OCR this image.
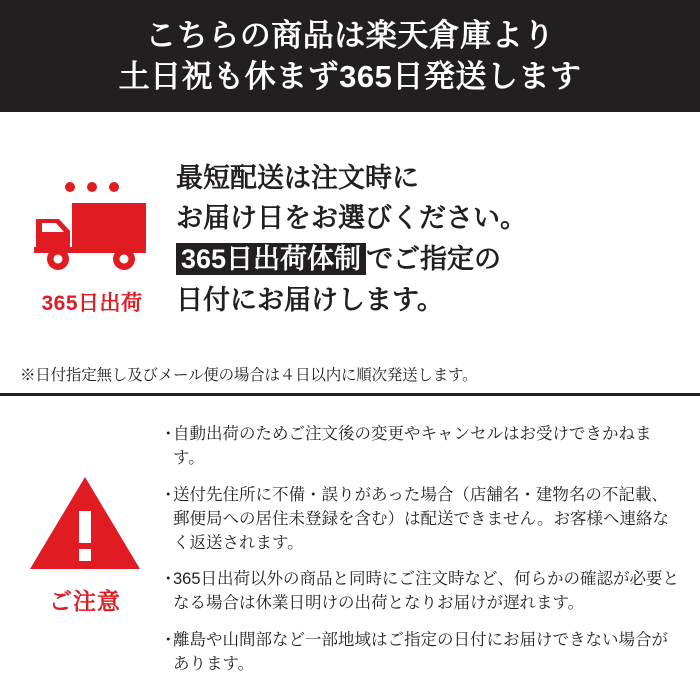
こちらの商品は楽天倉庫より
土日祝も休まず365日発送します
365日出荷
最短配送は注文時に
お届け日をお選びください。
365日出荷体制 でご指定の
日付にお届けします。
※日付指定無し及びメール便の場合は４日以内に順次発送します。
ご注意
・
自動出荷のためご注文後の変更やキャンセルはお受けできかねます。
・
送付先住所に不備・誤りがあった場合（店舗名・建物名の不記載、郵便局への居住未登録を含む）は配送できません。お客様へ連絡なく返送されます。
・
365日出荷以外の商品と同時にご注文時など、何らかの確認が必要となる場合は休業日明けの出荷となりお届けが遅れます。
・
離島や山間部など一部地域はご指定の日付にお届けできない場合があります。
